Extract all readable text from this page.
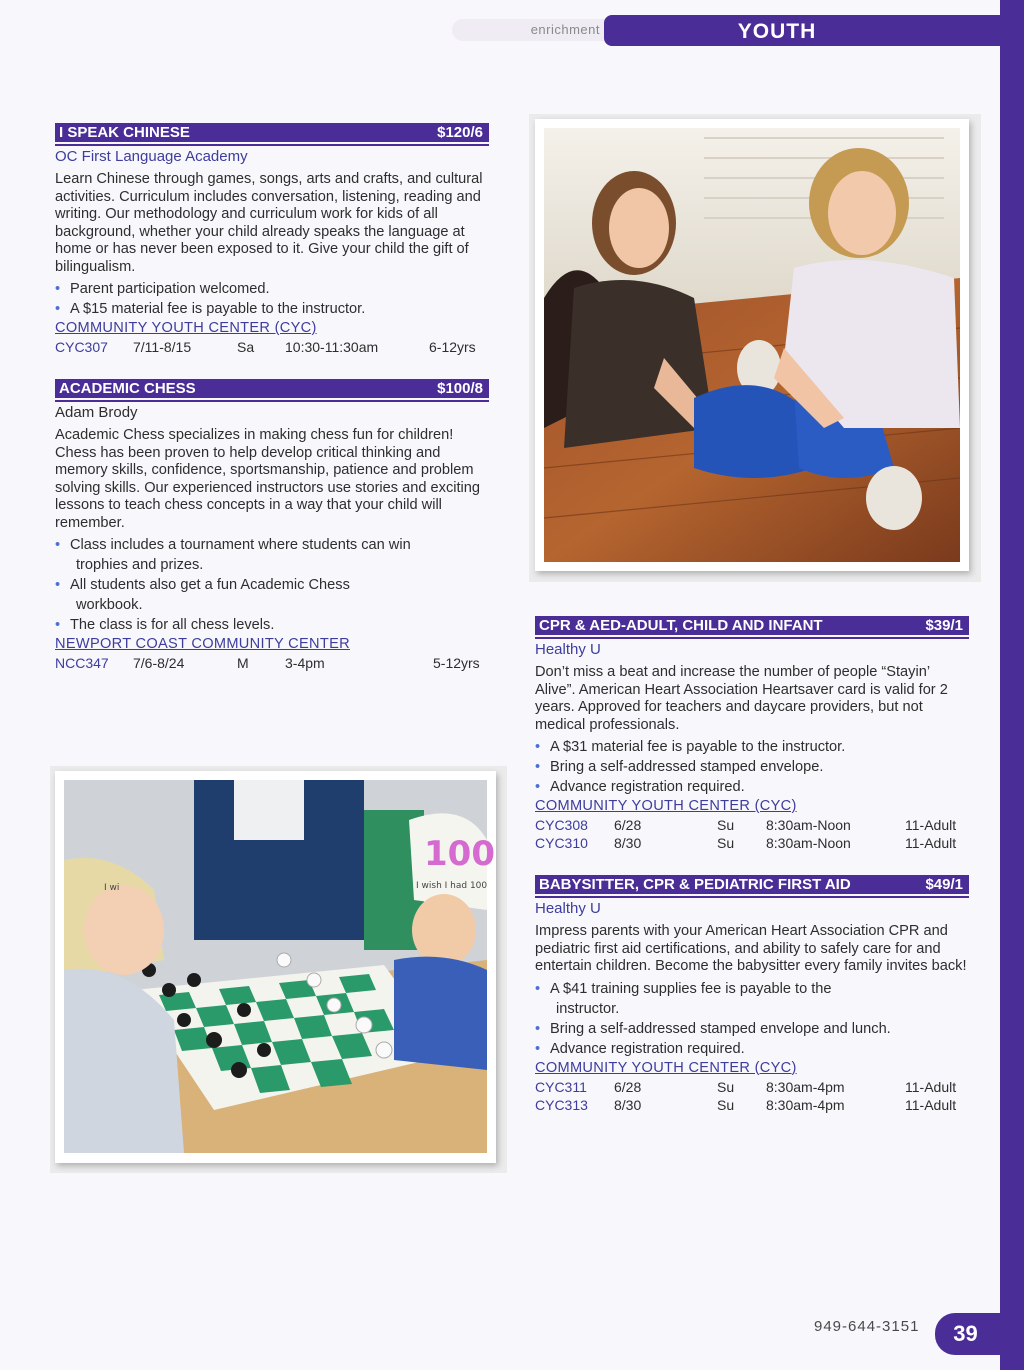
enrichment	YOUTH
I SPEAK CHINESE	$120/6
OC First Language Academy
Learn Chinese through games, songs, arts and crafts, and cultural activities. Curriculum includes conversation, listening, reading and writing. Our methodology and curriculum work for kids of all background, whether your child already speaks the language at home or has never been exposed to it. Give your child the gift of bilingualism.
• Parent participation welcomed.
• A $15 material fee is payable to the instructor.
COMMUNITY YOUTH CENTER (CYC)
CYC307	7/11-8/15	Sa	10:30-11:30am	6-12yrs
ACADEMIC CHESS	$100/8
Adam Brody
Academic Chess specializes in making chess fun for children! Chess has been proven to help develop critical thinking and memory skills, confidence, sportsmanship, patience and problem solving skills. Our experienced instructors use stories and exciting lessons to teach chess concepts in a way that your child will remember.
• Class includes a tournament where students can win
trophies and prizes.
• All students also get a fun Academic Chess
workbook.
• The class is for all chess levels.
NEWPORT COAST COMMUNITY CENTER
NCC347	7/6-8/24	M	3-4pm	5-12yrs
CPR & AED-ADULT, CHILD AND INFANT	$39/1
Healthy U
Don’t miss a beat and increase the number of people “Stayin’ Alive”. American Heart Association Heartsaver card is valid for 2 years. Approved for teachers and daycare providers, but not medical professionals.
• A $31 material fee is payable to the instructor.
• Bring a self-addressed stamped envelope.
• Advance registration required.
COMMUNITY YOUTH CENTER (CYC)
CYC308	6/28	Su	8:30am-Noon	11-Adult
CYC310	8/30	Su	8:30am-Noon	11-Adult
BABYSITTER, CPR & PEDIATRIC FIRST AID	$49/1
Healthy U
Impress parents with your American Heart Association CPR and pediatric first aid certifications, and ability to safely care for and entertain children. Become the babysitter every family invites back!
• A $41 training supplies fee is payable to the
instructor.
• Bring a self-addressed stamped envelope and lunch.
• Advance registration required.
COMMUNITY YOUTH CENTER (CYC)
CYC311	6/28	Su	8:30am-4pm	11-Adult
CYC313	8/30	Su	8:30am-4pm	11-Adult
100
I wish I had 100
I wi
949-644-3151	39
